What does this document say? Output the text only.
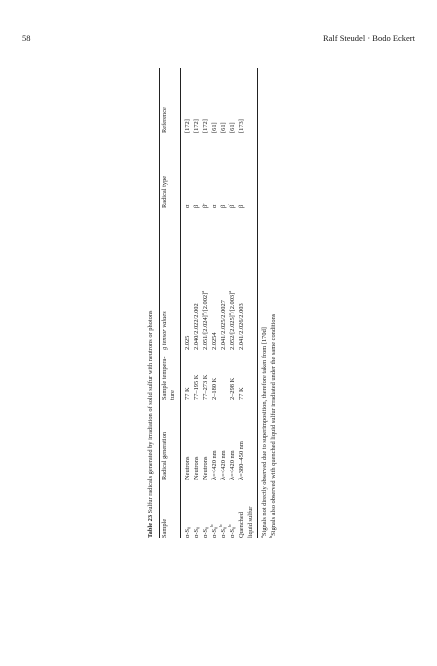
58	Ralf Steudel · Bodo Eckert
Table 23 Sulfur radicals generated by irradiation of solid sulfur with neutrons or photons
Sample
Radical generation
Sample tempera- ture
g tensor values
Radical type
Reference
α-S₈
Neutrons
77 K
2.025
α
[172]
α-S₈
Neutrons
77–195 K
2.040/2.022/2.002
β
[172]
α-S₈
Neutrons
77–273 K
$2.051/[2.024]^a/[2.002]^a$
β′
[172]
α-S₈$^b$
λ=<420 nm
2–180 K
2.0254
α
[61]
α-S₈$^b$
λ=<420 nm
2.041/2.025/2.0027
β
[61]
α-S₈$^b$
λ=<420 nm
2–298 K
$2.052/[2.025]^a/[2.003]^a$
β′
[61]
Quenched
λ=380–450 nm
77 K
2.041/2.026/2.003
β
[173]
liquid sulfur $^a$Signals not directly observed due to superimposition, therefore taken from [170d]
$^b$Signals also observed with quenched liquid sulfur irradiated under the same conditions
